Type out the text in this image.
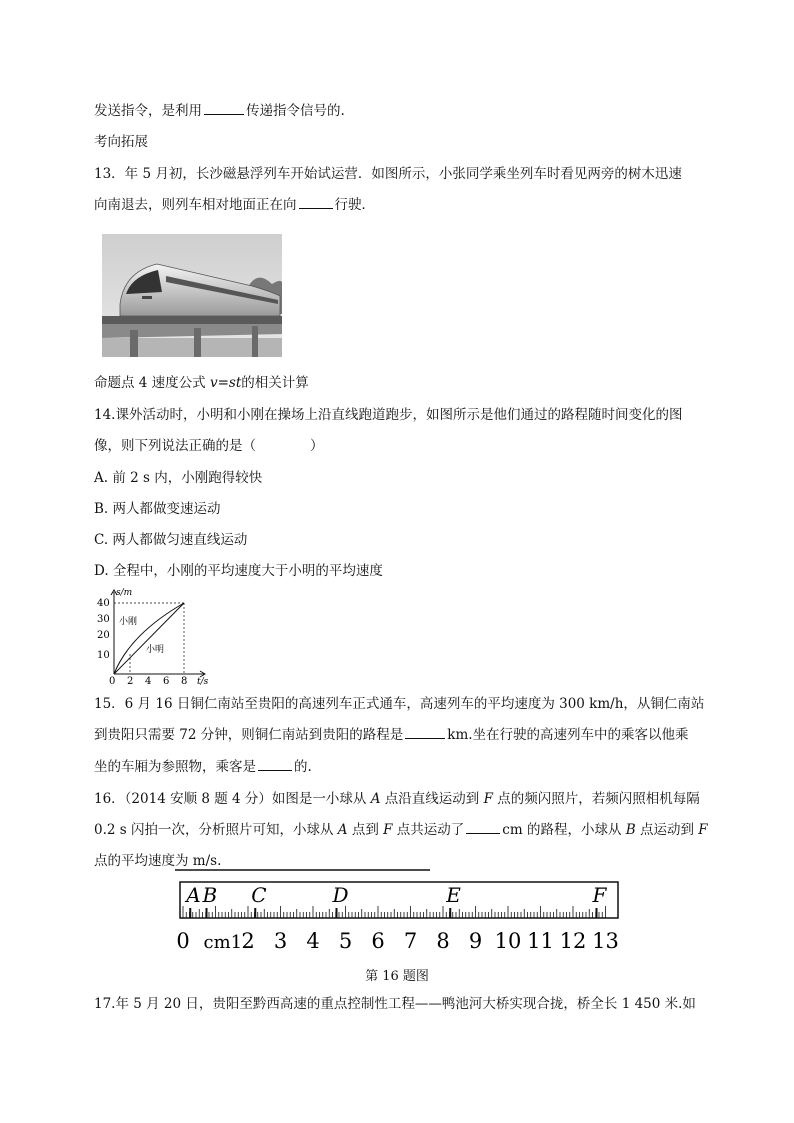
发送指令，是利用	传递指令信号的.
考向拓展
13．年 5 月初，长沙磁悬浮列车开始试运营．如图所示，小张同学乘坐列车时看见两旁的树木迅速
向南退去，则列车相对地面正在向	行驶．
命题点 4 速度公式 v=st的相关计算
14.课外活动时，小明和小刚在操场上沿直线跑道跑步，如图所示是他们通过的路程随时间变化的图
像，则下列说法正确的是（　　　　）
A. 前 2 s 内，小刚跑得较快
B. 两人都做变速运动
C. 两人都做匀速直线运动
D. 全程中，小刚的平均速度大于小明的平均速度
s/m
t/s
10
20
30
40
0 2 4 6 8
小刚
小明
15．6 月 16 日铜仁南站至贵阳的高速列车正式通车，高速列车的平均速度为 300 km/h，从铜仁南站
到贵阳只需要 72 分钟，则铜仁南站到贵阳的路程是	km.坐在行驶的高速列车中的乘客以他乘
坐的车厢为参照物，乘客是	的.
16．（2014 安顺 8 题 4 分）如图是一小球从 A 点沿直线运动到 F 点的频闪照片，若频闪照相机每隔
0.2 s 闪拍一次，分析照片可知，小球从 A 点到 F 点共运动了	cm 的路程，小球从 B 点运动到 F
点的平均速度为 m/s.
A B C	D	E	F
0 cm1 2 3 4 5 6 7 8 9 10 11 12 13
第 16 题图
17.年 5 月 20 日，贵阳至黔西高速的重点控制性工程——鸭池河大桥实现合拢，桥全长 1 450 米.如
